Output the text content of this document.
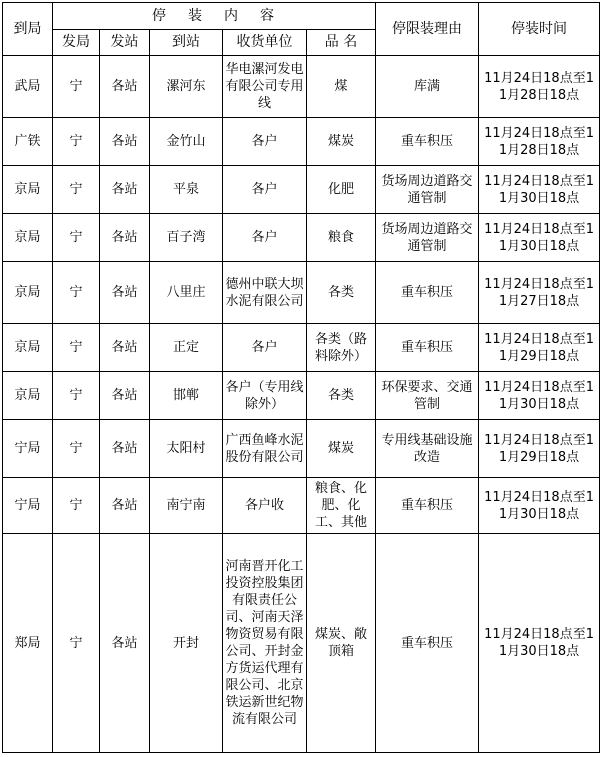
到局	停装内容					停限装理由	停装时间
	发局	发站	到站	收货单位	品 名		
武局	宁	各站	漯河东	华电漯河发电有限公司专用线	煤	库满	11月24日18点至11月28日18点
广铁	宁	各站	金竹山	各户	煤炭	重车积压	11月24日18点至11月28日18点
京局	宁	各站	平泉	各户	化肥	货场周边道路交通管制	11月24日18点至11月30日18点
京局	宁	各站	百子湾	各户	粮食	货场周边道路交通管制	11月24日18点至11月30日18点
京局	宁	各站	八里庄	德州中联大坝水泥有限公司	各类	重车积压	11月24日18点至11月27日18点
京局	宁	各站	正定	各户	各类（路料除外）	重车积压	11月24日18点至11月29日18点
京局	宁	各站	邯郸	各户（专用线除外）	各类	环保要求、交通管制	11月24日18点至11月30日18点
宁局	宁	各站	太阳村	广西鱼峰水泥股份有限公司	煤炭	专用线基础设施改造	11月24日18点至11月29日18点
宁局	宁	各站	南宁南	各户收	粮食、化肥、化工、其他	重车积压	11月24日18点至11月30日18点
郑局	宁	各站	开封	河南晋开化工投资控股集团有限责任公司、河南天泽物资贸易有限公司、开封金方货运代理有限公司、北京铁运新世纪物流有限公司	煤炭、敞顶箱	重车积压	11月24日18点至11月30日18点
